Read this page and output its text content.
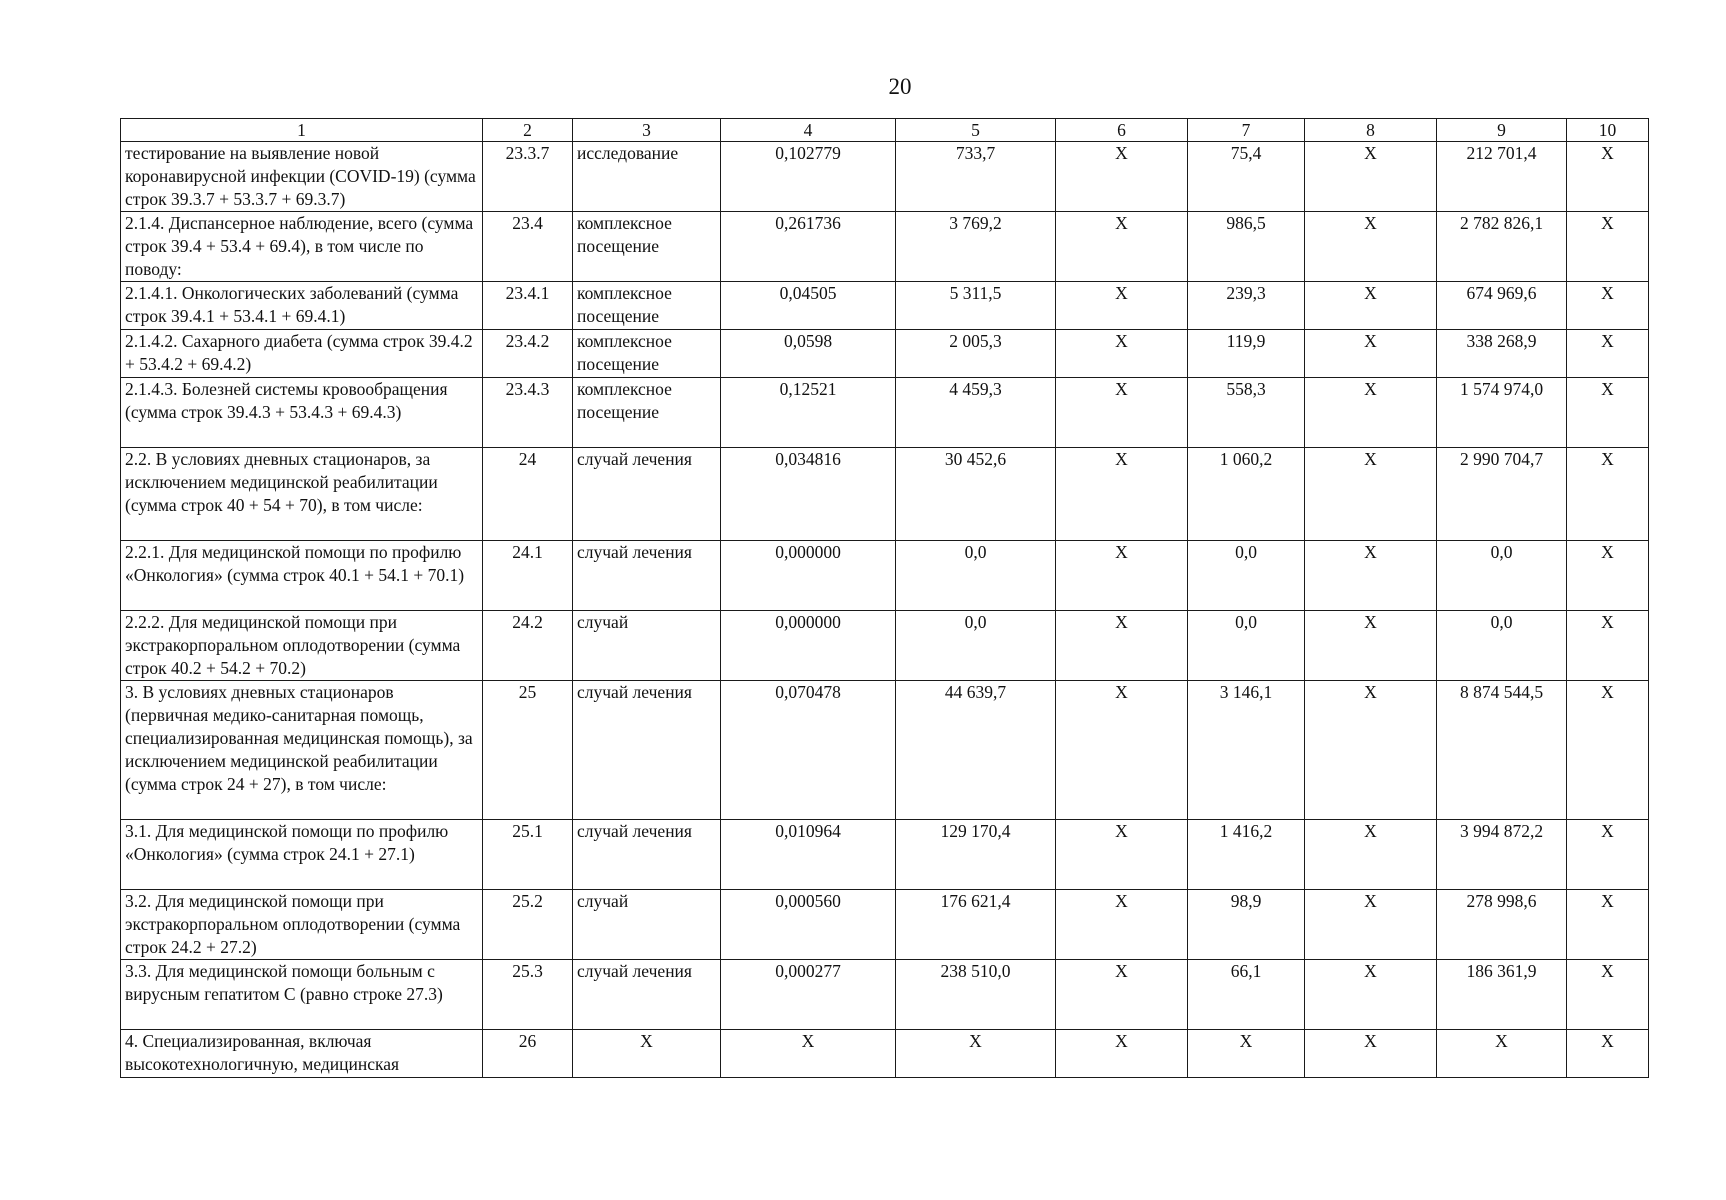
20
1	2	3	4	5	6	7	8	9	10
тестирование на выявление новой коронавирусной инфекции (COVID-19) (сумма строк 39.3.7 + 53.3.7 + 69.3.7)	23.3.7	исследование	0,102779	733,7	X	75,4	X	212 701,4	X
2.1.4. Диспансерное наблюдение, всего (сумма строк 39.4 + 53.4 + 69.4), в том числе по поводу:	23.4	комплексное посещение	0,261736	3 769,2	X	986,5	X	2 782 826,1	X
2.1.4.1. Онкологических заболеваний (сумма строк 39.4.1 + 53.4.1 + 69.4.1)	23.4.1	комплексное посещение	0,04505	5 311,5	X	239,3	X	674 969,6	X
2.1.4.2. Сахарного диабета (сумма строк 39.4.2 + 53.4.2 + 69.4.2)	23.4.2	комплексное посещение	0,0598	2 005,3	X	119,9	X	338 268,9	X
2.1.4.3. Болезней системы кровообращения (сумма строк 39.4.3 + 53.4.3 + 69.4.3)	23.4.3	комплексное посещение	0,12521	4 459,3	X	558,3	X	1 574 974,0	X
2.2. В условиях дневных стационаров, за исключением медицинской реабилитации (сумма строк 40 + 54 + 70), в том числе:	24	случай лечения	0,034816	30 452,6	X	1 060,2	X	2 990 704,7	X
2.2.1. Для медицинской помощи по профилю «Онкология» (сумма строк 40.1 + 54.1 + 70.1)	24.1	случай лечения	0,000000	0,0	X	0,0	X	0,0	X
2.2.2. Для медицинской помощи при экстракорпоральном оплодотворении (сумма строк 40.2 + 54.2 + 70.2)	24.2	случай	0,000000	0,0	X	0,0	X	0,0	X
3. В условиях дневных стационаров (первичная медико-санитарная помощь, специализированная медицинская помощь), за исключением медицинской реабилитации (сумма строк 24 + 27), в том числе:	25	случай лечения	0,070478	44 639,7	X	3 146,1	X	8 874 544,5	X
3.1. Для медицинской помощи по профилю «Онкология» (сумма строк 24.1 + 27.1)	25.1	случай лечения	0,010964	129 170,4	X	1 416,2	X	3 994 872,2	X
3.2. Для медицинской помощи при экстракорпоральном оплодотворении (сумма строк 24.2 + 27.2)	25.2	случай	0,000560	176 621,4	X	98,9	X	278 998,6	X
3.3. Для медицинской помощи больным с вирусным гепатитом С (равно строке 27.3)	25.3	случай лечения	0,000277	238 510,0	X	66,1	X	186 361,9	X
4. Специализированная, включая высокотехнологичную, медицинская	26	X	X	X	X	X	X	X	X
